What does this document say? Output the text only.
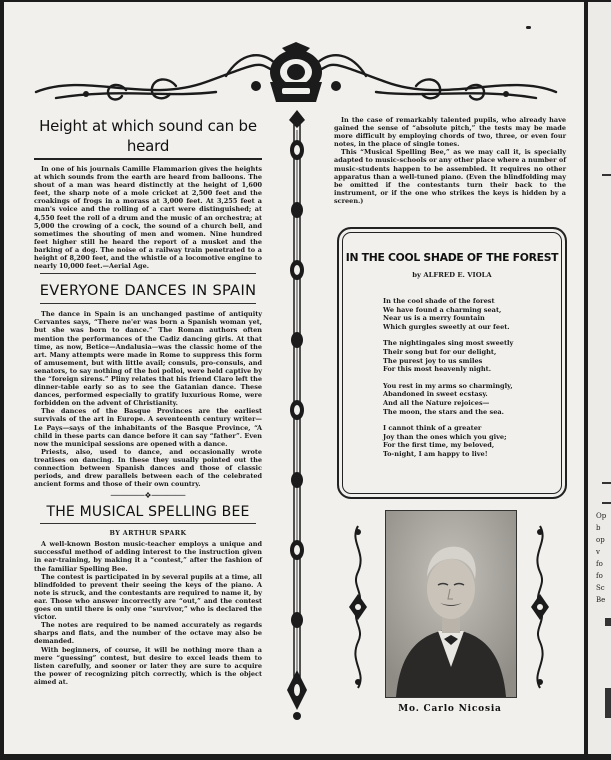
Height at which sound can be heard

In one of his journals Camille Flammarion gives the heights at which sounds from the earth are heard from balloons. The shout of a man was heard distinctly at the height of 1,600 feet, the sharp note of a mole cricket at 2,500 feet and the croakings of frogs in a morass at 3,000 feet. At 3,255 feet a man's voice and the rolling of a cart were distinguished; at 4,550 feet the roll of a drum and the music of an orchestra; at 5,000 the crowing of a cock, the sound of a church bell, and sometimes the shouting of men and women. Nine hundred feet higher still he heard the report of a musket and the barking of a dog. The noise of a railway train penetrated to a height of 8,200 feet, and the whistle of a locomotive engine to nearly 10,000 feet.—Aerial Age.

EVERYONE DANCES IN SPAIN

The dance in Spain is an unchanged pastime of antiquity Cervantes says, “There ne'er was born a Spanish woman yet, but she was born to dance.” The Roman authors often mention the performances of the Cadiz dancing girls. At that time, as now, Betice—Andalusia—was the classic home of the art. Many attempts were made in Rome to suppress this form of amusement, but with little avail; consuls, pro-consuls, and senators, to say nothing of the hoi polloi, were held captive by the “foreign sirens.” Pliny relates that his friend Claro left the dinner-table early so as to see the Gatanian dance. These dances, performed especially to gratify luxurious Rome, were forbidden on the advent of Christianity.

The dances of the Basque Provinces are the earliest survivals of the art in Europe. A seventeenth century writer—Le Pays—says of the inhabitants of the Basque Province, “A child in these parts can dance before it can say “father”. Even now the municipal sessions are opened with a dance.

Priests, also, used to dance, and occasionally wrote treatises on dancing. In these they usually pointed out the connection between Spanish dances and those of classic periods, and drew parallels between each of the celebrated ancient forms and those of their own country.

───────❖───────
THE MUSICAL SPELLING BEE
BY ARTHUR SPARK

A well-known Boston music-teacher employs a unique and successful method of adding interest to the instruction given in ear-training, by making it a “contest,” after the fashion of the familiar Spelling Bee.

The contest is participated in by several pupils at a time, all blindfolded to prevent their seeing the keys of the piano. A note is struck, and the contestants are required to name it, by ear. Those who answer incorrectly are “out,” and the contest goes on until there is only one “survivor,” who is declared the victor.

The notes are required to be named accurately as regards sharps and flats, and the number of the octave may also be demanded.

With beginners, of course, it will be nothing more than a mere “guessing” contest, but desire to excel leads them to listen carefully, and sooner or later they are sure to acquire the power of recognizing pitch correctly, which is the object aimed at.

In the case of remarkably talented pupils, who already have gained the sense of “absolute pitch,” the tests may be made more difficult by employing chords of two, three, or even four notes, in the place of single tones.

This “Musical Spelling Bee,” as we may call it, is specially adapted to music-schools or any other place where a number of music-students happen to be assembled. It requires no other apparatus than a well-tuned piano. (Even the blindfolding may be omitted if the contestants turn their back to the instrument, or if the one who strikes the keys is hidden by a screen.)

IN THE COOL SHADE OF THE FOREST
by ALFRED E. VIOLA
In the cool shade of the forest
We have found a charming seat,
Near us is a merry fountain
Which gurgles sweetly at our feet.
The nightingales sing most sweetly
Their song but for our delight,
The purest joy to us smiles
For this most heavenly night.
You rest in my arms so charmingly,
Abandoned in sweet ecstasy.
And all the Nature rejoices—
The moon, the stars and the sea.
I cannot think of a greater
Joy than the ones which you give;
For the first time, my beloved,
To-night, I am happy to live!
Mo. Carlo Nicosia
Op
b
op
v
fo
fo
Sc
Be
